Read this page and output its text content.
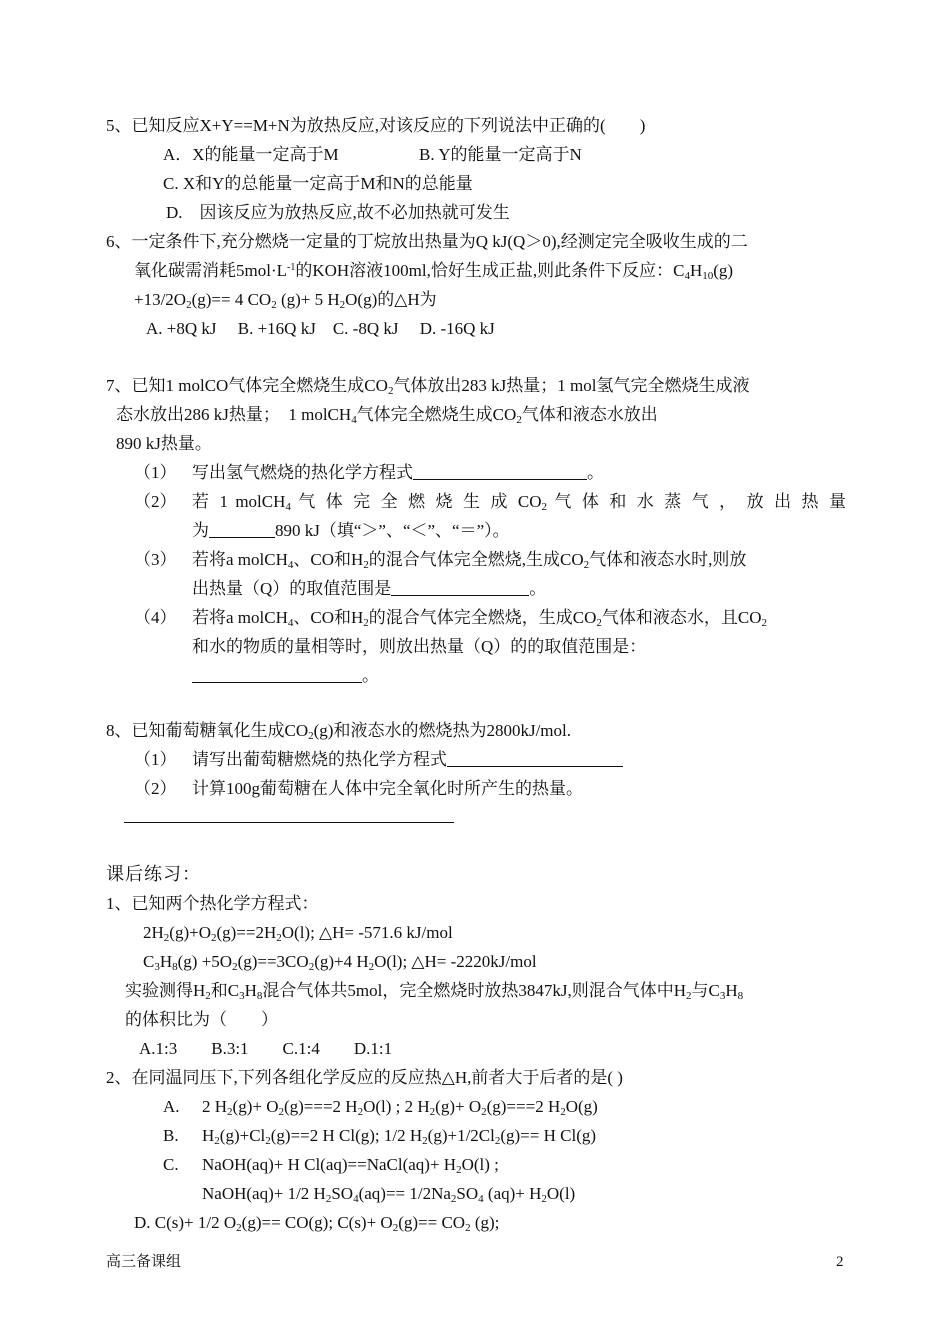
5、已知反应X+Y==M+N为放热反应,对该反应的下列说法中正确的(　　)
A．X的能量一定高于M	B. Y的能量一定高于N
C. X和Y的总能量一定高于M和N的总能量
D.　因该反应为放热反应,故不必加热就可发生
6、一定条件下,充分燃烧一定量的丁烷放出热量为Q kJ(Q＞0),经测定完全吸收生成的二
氧化碳需消耗$5mol\cdot L^{-1}$的KOH溶液100ml,恰好生成正盐,则此条件下反应：$C_4H_{10}(g)$
$+13/2O_2(g)== 4$ $CO_2$ (g)+ 5 $H_2O(g)$的△H为
A. +8Q kJ　 B. +16Q kJ　C. -8Q kJ　 D. -16Q kJ
7、已知1 molCO气体完全燃烧生成$CO_2$气体放出283 kJ热量；1 mol氢气完全燃烧生成液
态水放出286 kJ热量；　1 molCH$_4$气体完全燃烧生成$CO_2$气体和液态水放出
890 kJ热量。
（1） 写出氢气燃烧的热化学方程式	。
（2） 若 1 molCH$_4$ 气 体 完 全 燃 烧 生 成 $CO_2$ 气 体 和 水 蒸 气 ， 放 出 热 量
为	890 kJ（填“＞”、“＜”、“＝”）。
（3） 若将a molCH$_4$、CO和$H_2$的混合气体完全燃烧,生成$CO_2$气体和液态水时,则放
出热量（Q）的取值范围是	。
（4） 若将a molCH$_4$、CO和$H_2$的混合气体完全燃烧，生成$CO_2$气体和液态水，且$CO_2$
和水的物质的量相等时，则放出热量（Q）的的取值范围是：
。
8、已知葡萄糖氧化生成$CO_2(g)$和液态水的燃烧热为2800kJ/mol.
（1） 请写出葡萄糖燃烧的热化学方程式
（2） 计算100g葡萄糖在人体中完全氧化时所产生的热量。
课后练习：
1、已知两个热化学方程式：
$2H_2(g)+O_2(g)==2H_2O(l)$; △H= -571.6 kJ/mol
$C_3H_8(g) +5O_2(g)==3CO_2(g)+4$ $H_2O(l)$; △H= -2220kJ/mol
实验测得$H_2$和$C_3H_8$混合气体共5mol，完全燃烧时放热3847kJ,则混合气体中$H_2$与$C_3H_8$
的体积比为（　　）
A.1:3　　B.3:1　　C.1:4　　D.1:1
2、在同温同压下,下列各组化学反应的反应热△H,前者大于后者的是( )
A. 2 $H_2(g)+ O_2(g)===2$ $H_2O(l)$ ; 2 $H_2(g)+ O_2(g)===2$ $H_2O(g)$
B. $H_2(g)+Cl_2(g)==2$ H Cl(g); 1/2 $H_2(g)+1/2Cl_2(g)== H$ Cl(g)
C. NaOH(aq)+ H Cl(aq)==NaCl(aq)+ $H_2O(l)$ ;
NaOH(aq)+ 1/2 $H_2SO_4(aq)== 1/2Na_2SO_4$ $(aq)+ H_2O(l)$
D. C(s)+ 1/2 $O_2(g)== CO(g)$; $C(s)+ O_2(g)== CO_2$ (g);
高三备课组	2
